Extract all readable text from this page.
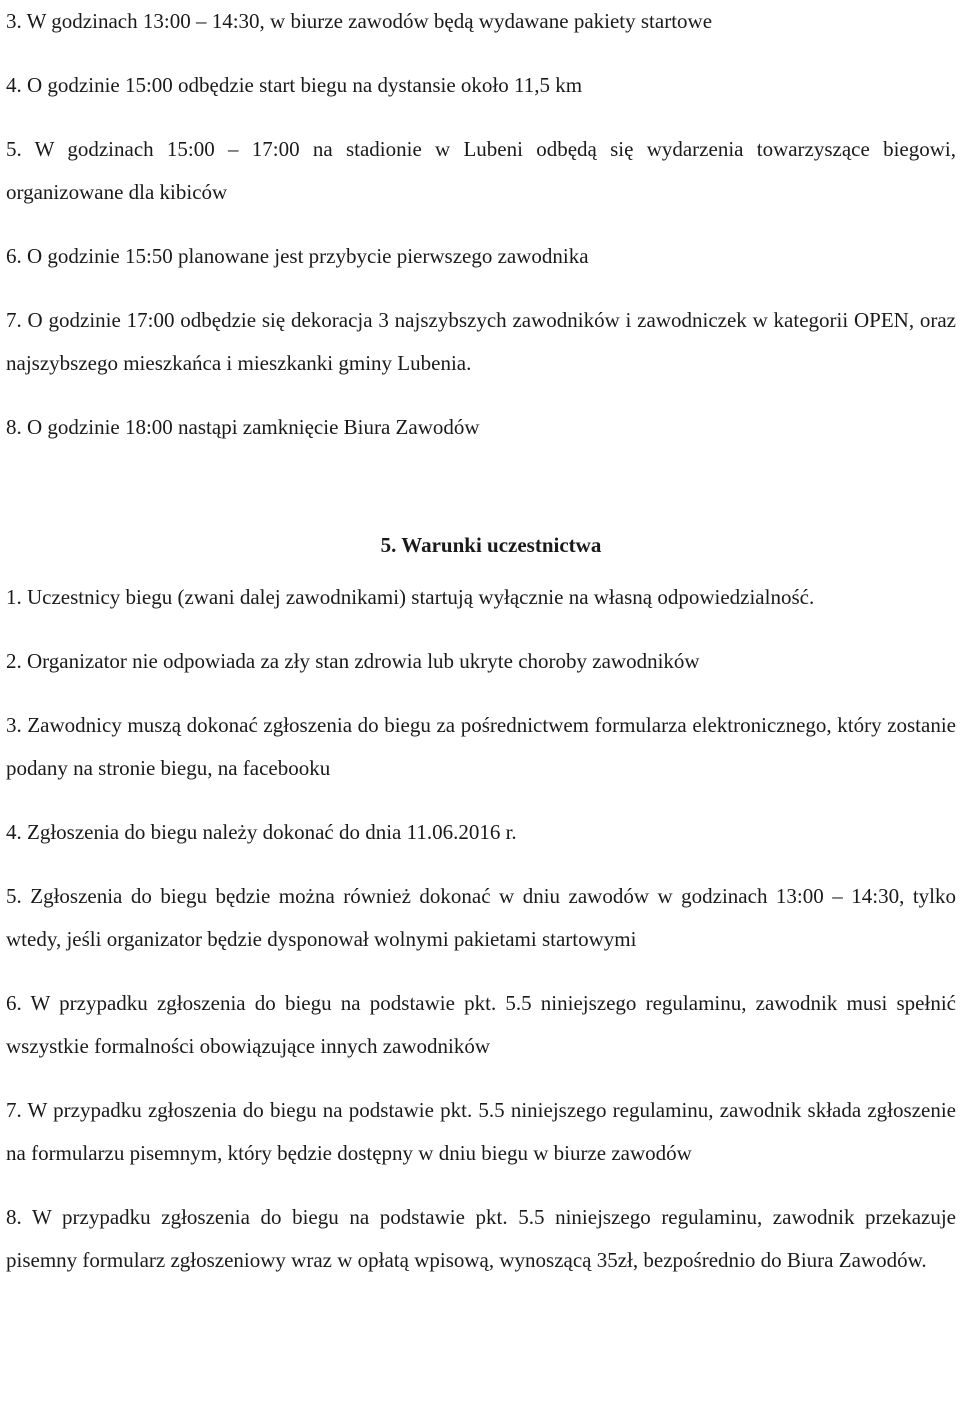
3. W godzinach 13:00 – 14:30, w biurze zawodów będą wydawane pakiety startowe

4. O godzinie 15:00 odbędzie start biegu na dystansie około 11,5 km

5. W godzinach 15:00 – 17:00 na stadionie w Lubeni odbędą się wydarzenia towarzyszące biegowi, organizowane dla kibiców

6. O godzinie 15:50 planowane jest przybycie pierwszego zawodnika

7. O godzinie 17:00 odbędzie się dekoracja 3 najszybszych zawodników i zawodniczek w kategorii OPEN, oraz najszybszego mieszkańca i mieszkanki gminy Lubenia.

8. O godzinie 18:00 nastąpi zamknięcie Biura Zawodów

5. Warunki uczestnictwa

1. Uczestnicy biegu (zwani dalej zawodnikami) startują wyłącznie na własną odpowiedzialność.

2. Organizator nie odpowiada za zły stan zdrowia lub ukryte choroby zawodników

3. Zawodnicy muszą dokonać zgłoszenia do biegu za pośrednictwem formularza elektronicznego, który zostanie podany na stronie biegu, na facebooku

4. Zgłoszenia do biegu należy dokonać do dnia 11.06.2016 r.

5. Zgłoszenia do biegu będzie można również dokonać w dniu zawodów w godzinach 13:00 – 14:30, tylko wtedy, jeśli organizator będzie dysponował wolnymi pakietami startowymi

6. W przypadku zgłoszenia do biegu na podstawie pkt. 5.5 niniejszego regulaminu, zawodnik musi spełnić wszystkie formalności obowiązujące innych zawodników

7. W przypadku zgłoszenia do biegu na podstawie pkt. 5.5 niniejszego regulaminu, zawodnik składa zgłoszenie na formularzu pisemnym, który będzie dostępny w dniu biegu w biurze zawodów

8. W przypadku zgłoszenia do biegu na podstawie pkt. 5.5 niniejszego regulaminu, zawodnik przekazuje pisemny formularz zgłoszeniowy wraz w opłatą wpisową, wynoszącą 35zł, bezpośrednio do Biura Zawodów.
